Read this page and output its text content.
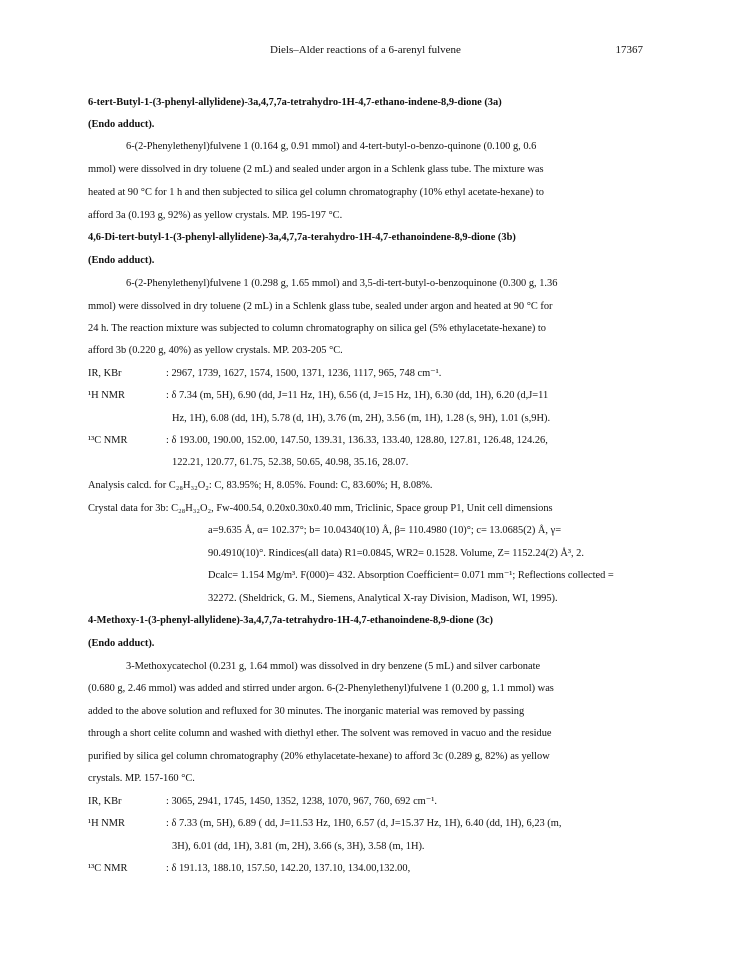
Diels–Alder reactions of a 6-arenyl fulvene	17367
6-tert-Butyl-1-(3-phenyl-allylidene)-3a,4,7,7a-tetrahydro-1H-4,7-ethano-indene-8,9-dione (3a)
(Endo adduct).
6-(2-Phenylethenyl)fulvene 1 (0.164 g, 0.91 mmol) and 4-tert-butyl-o-benzo-quinone (0.100 g, 0.6
mmol) were dissolved in dry toluene (2 mL) and sealed under argon in a Schlenk glass tube. The mixture was
heated at 90 °C for 1 h and then subjected to silica gel column chromatography (10% ethyl acetate-hexane) to
afford 3a (0.193 g, 92%) as yellow crystals. MP. 195-197 °C.
4,6-Di-tert-butyl-1-(3-phenyl-allylidene)-3a,4,7,7a-terahydro-1H-4,7-ethanoindene-8,9-dione (3b)
(Endo adduct).
6-(2-Phenylethenyl)fulvene 1 (0.298 g, 1.65 mmol) and 3,5-di-tert-butyl-o-benzoquinone (0.300 g, 1.36
mmol) were dissolved in dry toluene (2 mL) in a Schlenk glass tube, sealed under argon and heated at 90 °C for
24 h. The reaction mixture was subjected to column chromatography on silica gel (5% ethylacetate-hexane) to
afford 3b (0.220 g, 40%) as yellow crystals. MP. 203-205 °C.
IR, KBr	: 2967, 1739, 1627, 1574, 1500, 1371, 1236, 1117, 965, 748 cm⁻¹.
¹H NMR	: δ 7.34 (m, 5H), 6.90 (dd, J=11 Hz, 1H), 6.56 (d, J=15 Hz, 1H), 6.30 (dd, 1H), 6.20 (d,J=11
Hz, 1H), 6.08 (dd, 1H), 5.78 (d, 1H), 3.76 (m, 2H), 3.56 (m, 1H), 1.28 (s, 9H), 1.01 (s,9H).
¹³C NMR	: δ 193.00, 190.00, 152.00, 147.50, 139.31, 136.33, 133.40, 128.80, 127.81, 126.48, 124.26,
122.21, 120.77, 61.75, 52.38, 50.65, 40.98, 35.16, 28.07.
Analysis calcd. for C₂₈H₃₂O₂: C, 83.95%; H, 8.05%. Found: C, 83.60%; H, 8.08%.
Crystal data for 3b: C₂₈H₃₂O₂, Fw-400.54, 0.20x0.30x0.40 mm, Triclinic, Space group P1, Unit cell dimensions
a=9.635 Å, α= 102.37°; b= 10.04340(10) Å, β= 110.4980 (10)°; c= 13.0685(2) Å, γ=
90.4910(10)°. Rindices(all data) R1=0.0845, WR2= 0.1528. Volume, Z= 1152.24(2) Å³, 2.
Dcalc= 1.154 Mg/m³. F(000)= 432. Absorption Coefficient= 0.071 mm⁻¹; Reflections collected =
32272. (Sheldrick, G. M., Siemens, Analytical X-ray Division, Madison, WI, 1995).
4-Methoxy-1-(3-phenyl-allylidene)-3a,4,7,7a-tetrahydro-1H-4,7-ethanoindene-8,9-dione (3c)
(Endo adduct).
3-Methoxycatechol (0.231 g, 1.64 mmol) was dissolved in dry benzene (5 mL) and silver carbonate
(0.680 g, 2.46 mmol) was added and stirred under argon. 6-(2-Phenylethenyl)fulvene 1 (0.200 g, 1.1 mmol) was
added to the above solution and refluxed for 30 minutes. The inorganic material was removed by passing
through a short celite column and washed with diethyl ether. The solvent was removed in vacuo and the residue
purified by silica gel column chromatography (20% ethylacetate-hexane) to afford 3c (0.289 g, 82%) as yellow
crystals. MP. 157-160 °C.
IR, KBr	: 3065, 2941, 1745, 1450, 1352, 1238, 1070, 967, 760, 692 cm⁻¹.
¹H NMR	: δ 7.33 (m, 5H), 6.89 ( dd, J=11.53 Hz, 1H0, 6.57 (d, J=15.37 Hz, 1H), 6.40 (dd, 1H), 6,23 (m,
3H), 6.01 (dd, 1H), 3.81 (m, 2H), 3.66 (s, 3H), 3.58 (m, 1H).
¹³C NMR	: δ 191.13, 188.10, 157.50, 142.20, 137.10, 134.00,132.00,
